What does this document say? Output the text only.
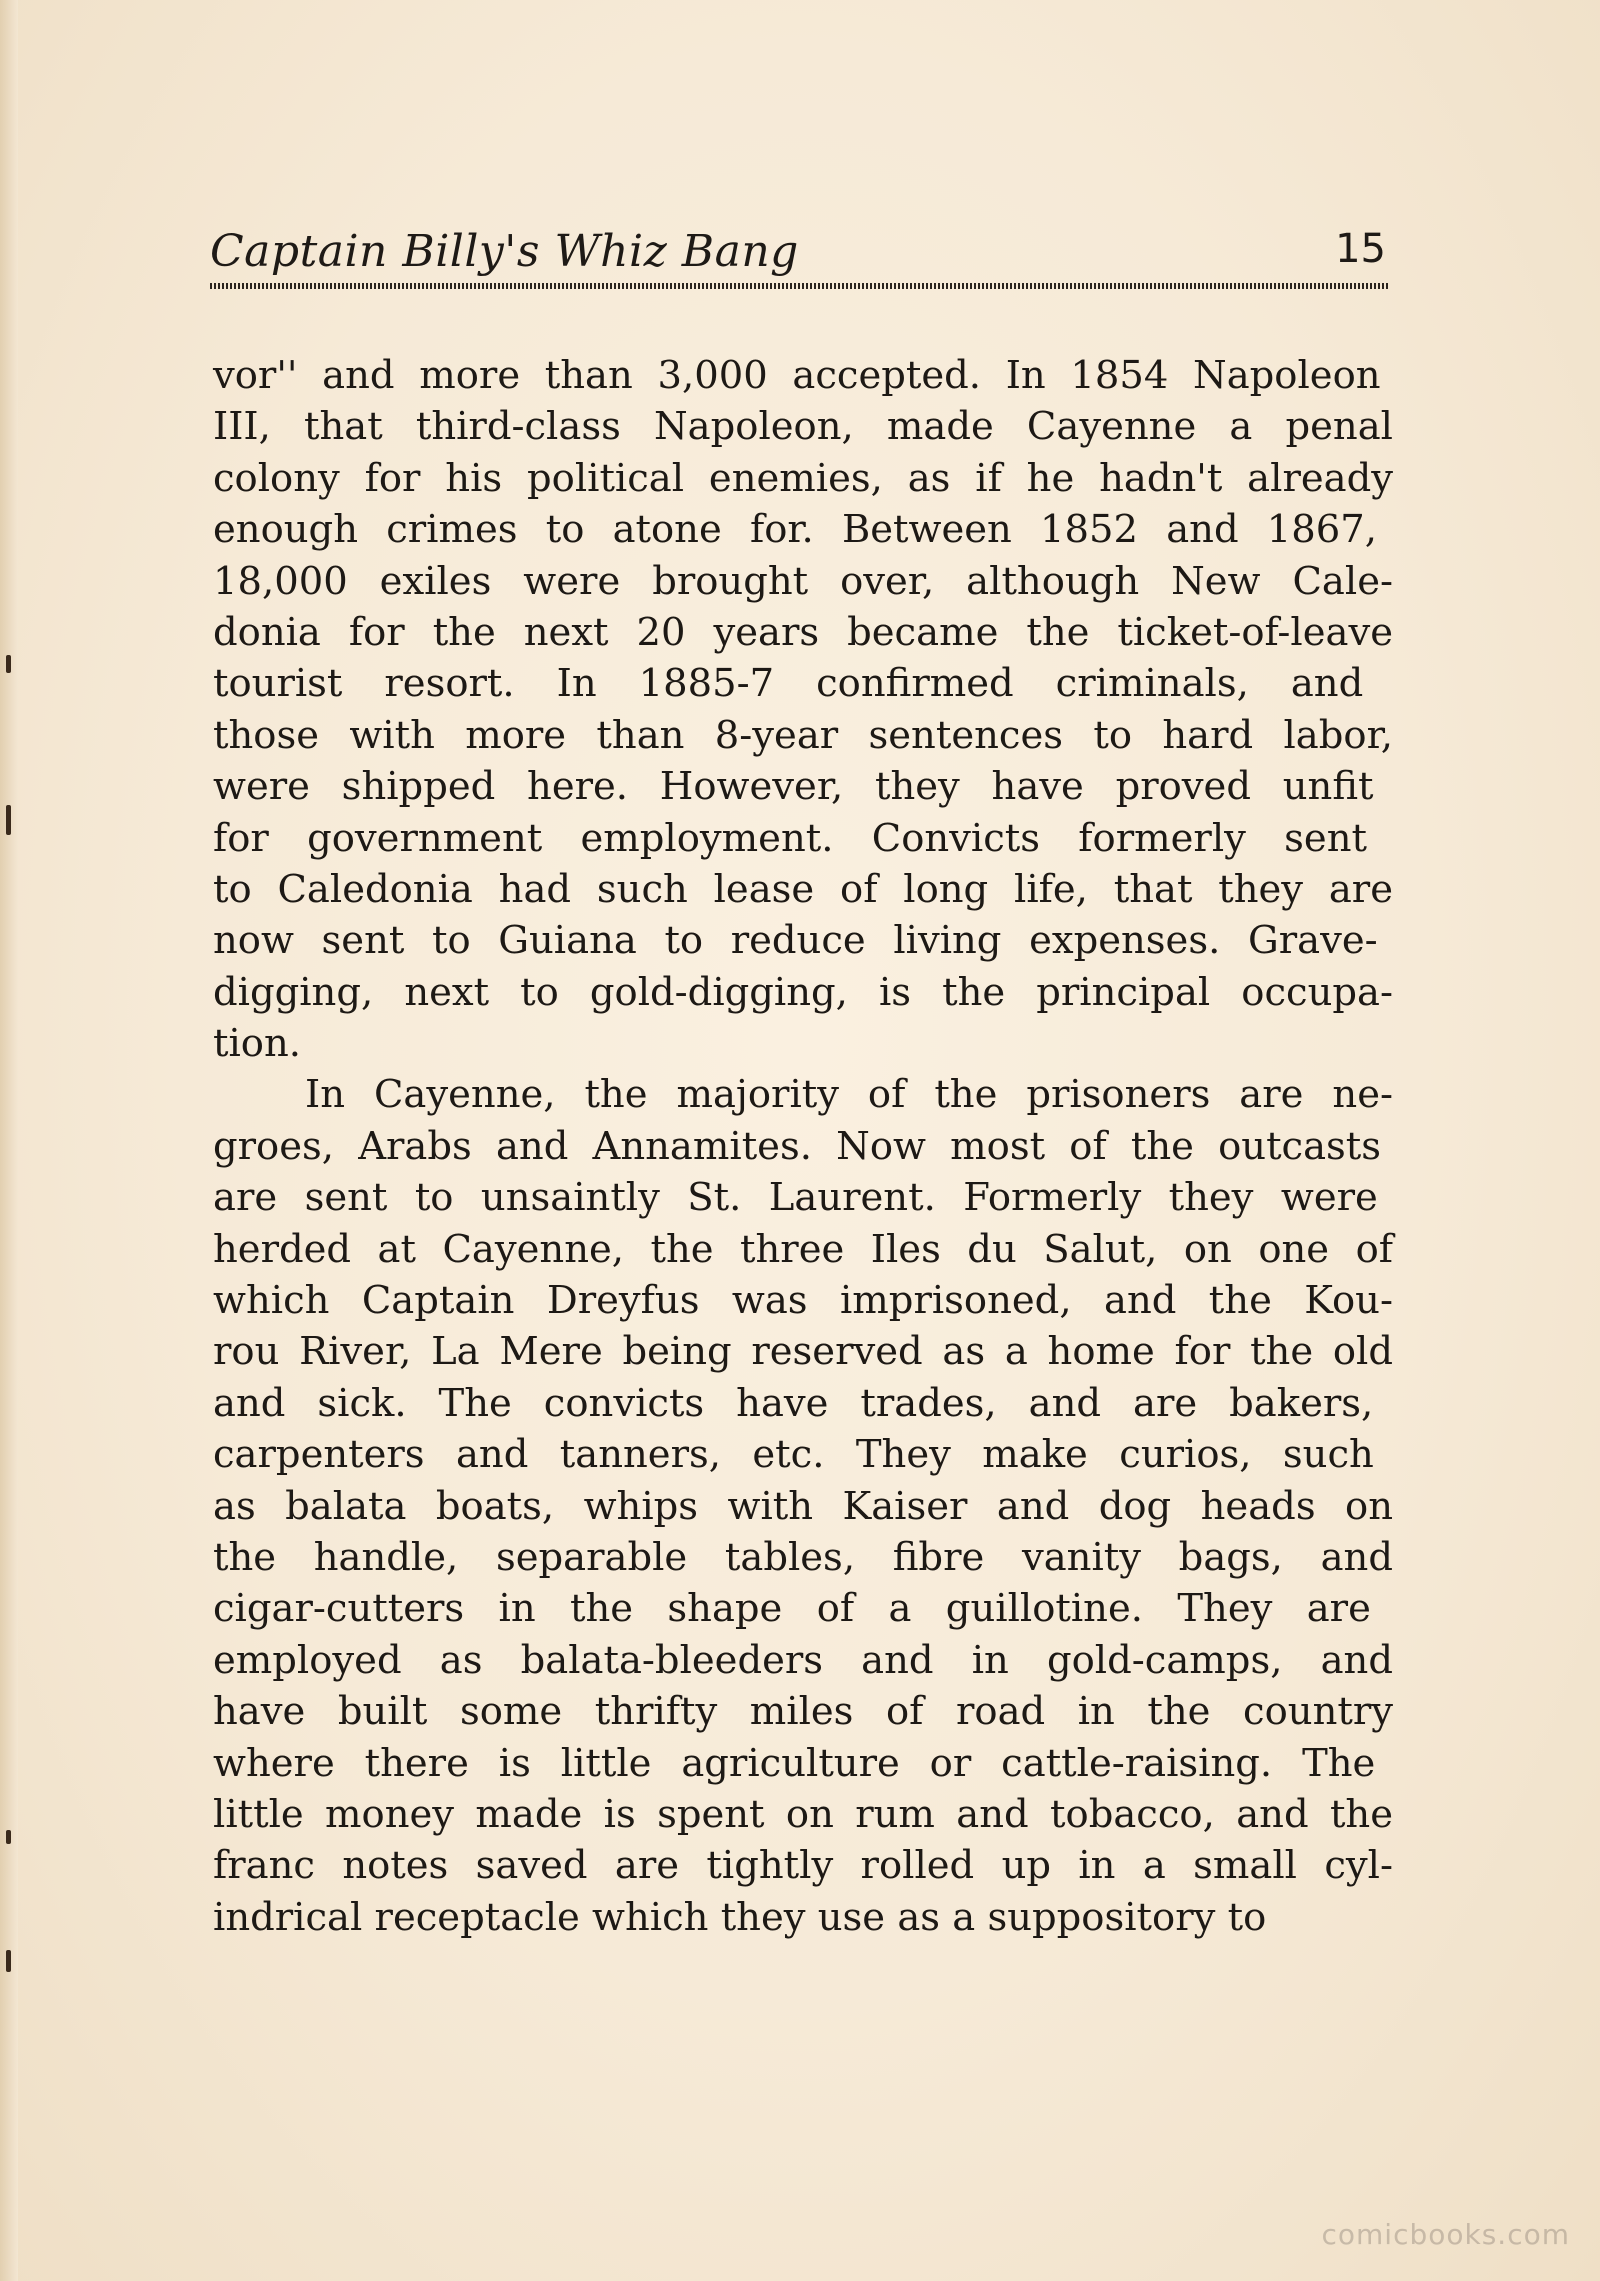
Captain Billy's Whiz Bang	15
vor'' and more than 3,000 accepted. In 1854 Napoleon
III, that third-class Napoleon, made Cayenne a penal
colony for his political enemies, as if he hadn't already
enough crimes to atone for. Between 1852 and 1867,
18,000 exiles were brought over, although New Cale-
donia for the next 20 years became the ticket-of-leave
tourist resort. In 1885-7 confirmed criminals, and
those with more than 8-year sentences to hard labor,
were shipped here. However, they have proved unfit
for government employment. Convicts formerly sent
to Caledonia had such lease of long life, that they are
now sent to Guiana to reduce living expenses. Grave-
digging, next to gold-digging, is the principal occupa-
tion.
In Cayenne, the majority of the prisoners are ne-
groes, Arabs and Annamites. Now most of the outcasts
are sent to unsaintly St. Laurent. Formerly they were
herded at Cayenne, the three Iles du Salut, on one of
which Captain Dreyfus was imprisoned, and the Kou-
rou River, La Mere being reserved as a home for the old
and sick. The convicts have trades, and are bakers,
carpenters and tanners, etc. They make curios, such
as balata boats, whips with Kaiser and dog heads on
the handle, separable tables, fibre vanity bags, and
cigar-cutters in the shape of a guillotine. They are
employed as balata-bleeders and in gold-camps, and
have built some thrifty miles of road in the country
where there is little agriculture or cattle-raising. The
little money made is spent on rum and tobacco, and the
franc notes saved are tightly rolled up in a small cyl-
indrical receptacle which they use as a suppository to
comicbooks.com
